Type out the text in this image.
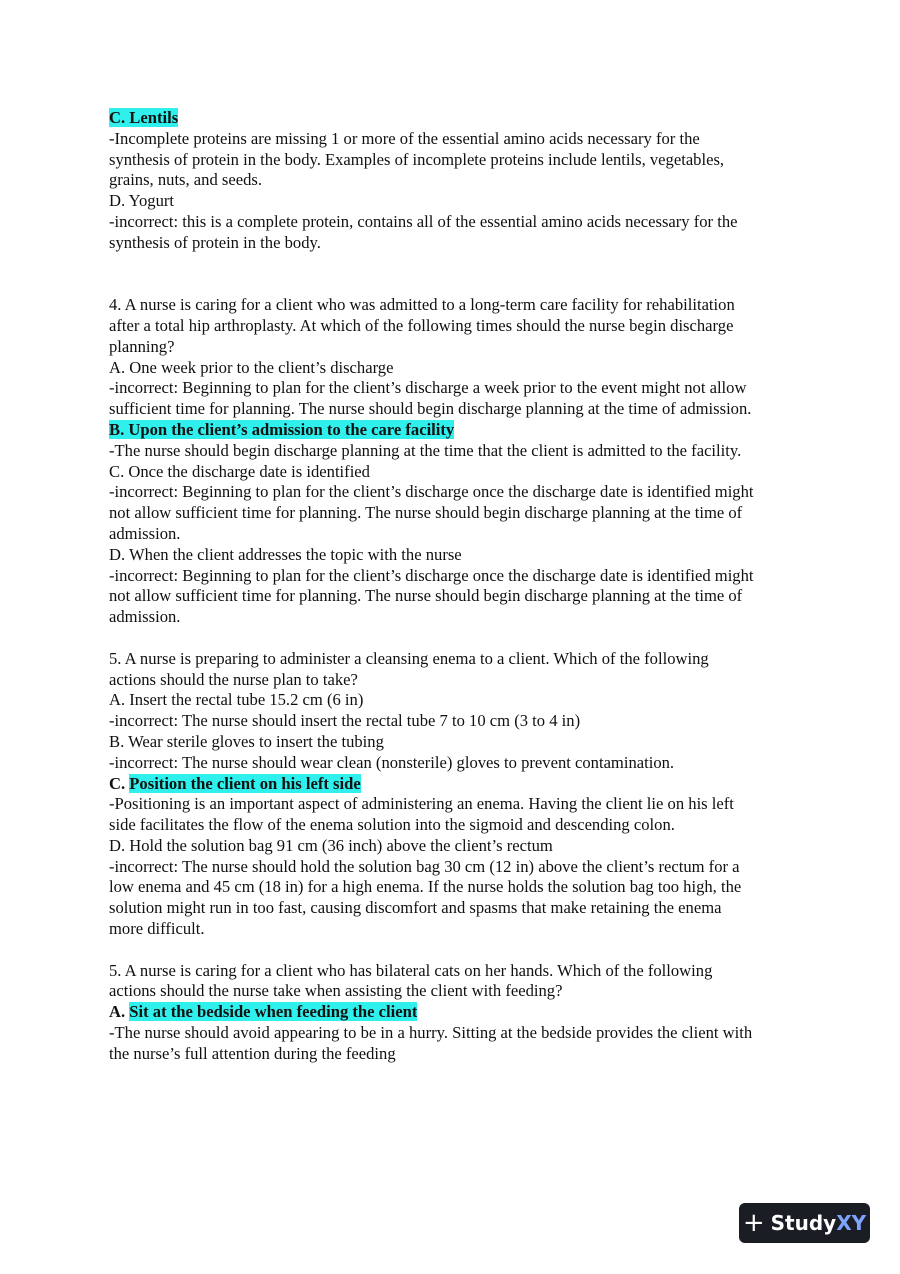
C. Lentils
-Incomplete proteins are missing 1 or more of the essential amino acids necessary for the
synthesis of protein in the body. Examples of incomplete proteins include lentils, vegetables,
grains, nuts, and seeds.
D. Yogurt
-incorrect: this is a complete protein, contains all of the essential amino acids necessary for the
synthesis of protein in the body.
4. A nurse is caring for a client who was admitted to a long-term care facility for rehabilitation
after a total hip arthroplasty. At which of the following times should the nurse begin discharge
planning?
A. One week prior to the client’s discharge
-incorrect: Beginning to plan for the client’s discharge a week prior to the event might not allow
sufficient time for planning. The nurse should begin discharge planning at the time of admission.
B. Upon the client’s admission to the care facility
-The nurse should begin discharge planning at the time that the client is admitted to the facility.
C. Once the discharge date is identified
-incorrect: Beginning to plan for the client’s discharge once the discharge date is identified might
not allow sufficient time for planning. The nurse should begin discharge planning at the time of
admission.
D. When the client addresses the topic with the nurse
-incorrect: Beginning to plan for the client’s discharge once the discharge date is identified might
not allow sufficient time for planning. The nurse should begin discharge planning at the time of
admission.
5. A nurse is preparing to administer a cleansing enema to a client. Which of the following
actions should the nurse plan to take?
A. Insert the rectal tube 15.2 cm (6 in)
-incorrect: The nurse should insert the rectal tube 7 to 10 cm (3 to 4 in)
B. Wear sterile gloves to insert the tubing
-incorrect: The nurse should wear clean (nonsterile) gloves to prevent contamination.
C. Position the client on his left side
-Positioning is an important aspect of administering an enema. Having the client lie on his left
side facilitates the flow of the enema solution into the sigmoid and descending colon.
D. Hold the solution bag 91 cm (36 inch) above the client’s rectum
-incorrect: The nurse should hold the solution bag 30 cm (12 in) above the client’s rectum for a
low enema and 45 cm (18 in) for a high enema. If the nurse holds the solution bag too high, the
solution might run in too fast, causing discomfort and spasms that make retaining the enema
more difficult.
5. A nurse is caring for a client who has bilateral cats on her hands. Which of the following
actions should the nurse take when assisting the client with feeding?
A. Sit at the bedside when feeding the client
-The nurse should avoid appearing to be in a hurry. Sitting at the bedside provides the client with
the nurse’s full attention during the feeding
+ Study XY
